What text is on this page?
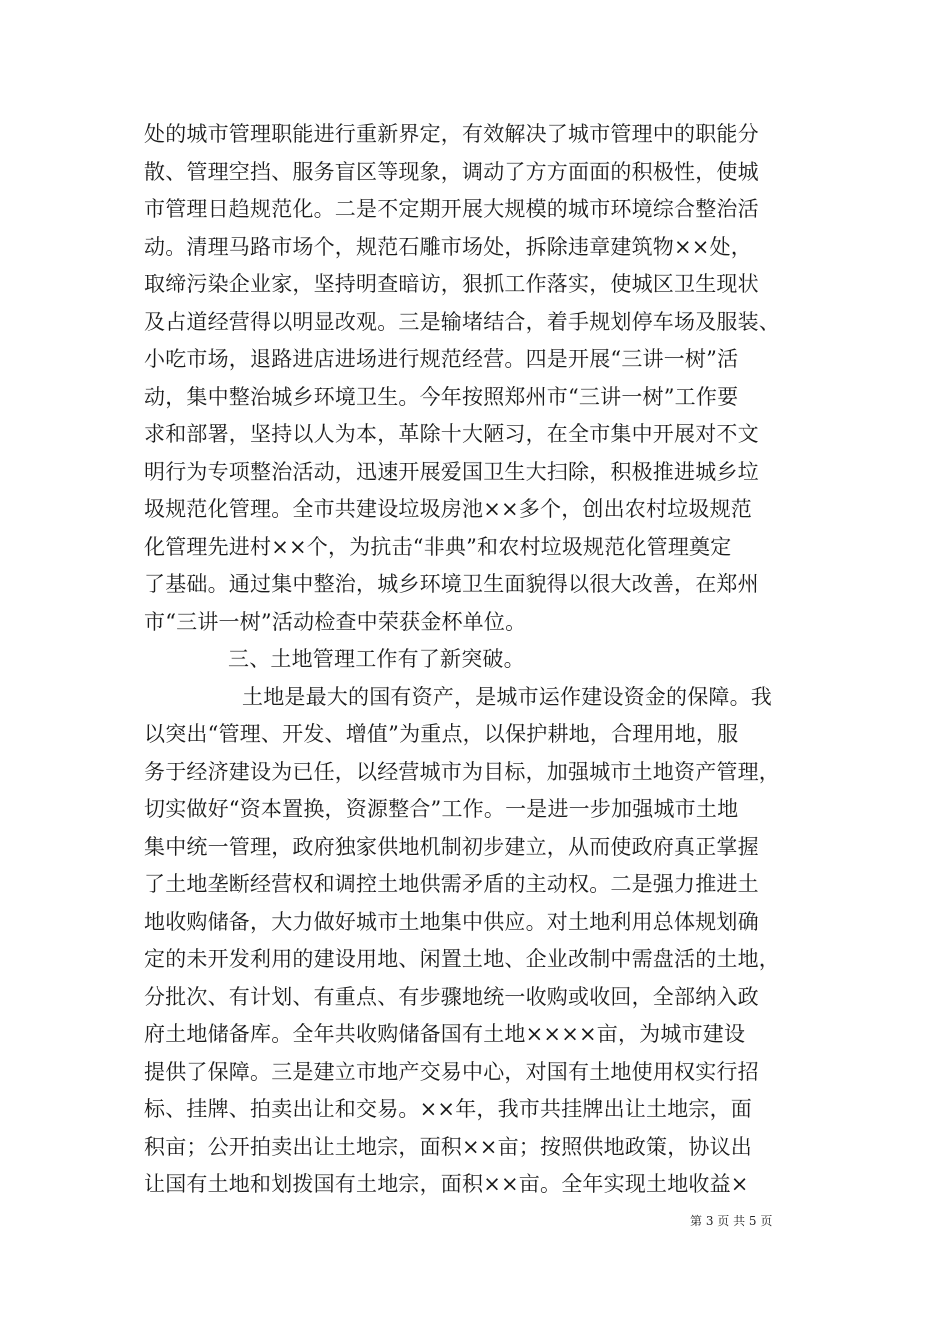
处的城市管理职能进行重新界定，有效解决了城市管理中的职能分
散、管理空挡、服务盲区等现象，调动了方方面面的积极性，使城
市管理日趋规范化。二是不定期开展大规模的城市环境综合整治活
动。清理马路市场个，规范石雕市场处，拆除违章建筑物××处，
取缔污染企业家，坚持明查暗访，狠抓工作落实，使城区卫生现状
及占道经营得以明显改观。三是输堵结合，着手规划停车场及服装、
小吃市场，退路进店进场进行规范经营。四是开展“三讲一树”活
动，集中整治城乡环境卫生。今年按照郑州市“三讲一树”工作要
求和部署，坚持以人为本，革除十大陋习，在全市集中开展对不文
明行为专项整治活动，迅速开展爱国卫生大扫除，积极推进城乡垃
圾规范化管理。全市共建设垃圾房池××多个，创出农村垃圾规范
化管理先进村××个，为抗击“非典”和农村垃圾规范化管理奠定
了基础。通过集中整治，城乡环境卫生面貌得以很大改善，在郑州
市“三讲一树”活动检查中荣获金杯单位。
三、土地管理工作有了新突破。
土地是最大的国有资产，是城市运作建设资金的保障。我
以突出“管理、开发、增值”为重点，以保护耕地，合理用地，服
务于经济建设为已任，以经营城市为目标，加强城市土地资产管理，
切实做好“资本置换，资源整合”工作。一是进一步加强城市土地
集中统一管理，政府独家供地机制初步建立，从而使政府真正掌握
了土地垄断经营权和调控土地供需矛盾的主动权。二是强力推进土
地收购储备，大力做好城市土地集中供应。对土地利用总体规划确
定的未开发利用的建设用地、闲置土地、企业改制中需盘活的土地，
分批次、有计划、有重点、有步骤地统一收购或收回，全部纳入政
府土地储备库。全年共收购储备国有土地××××亩，为城市建设
提供了保障。三是建立市地产交易中心，对国有土地使用权实行招
标、挂牌、拍卖出让和交易。××年，我市共挂牌出让土地宗，面
积亩；公开拍卖出让土地宗，面积××亩；按照供地政策，协议出
让国有土地和划拨国有土地宗，面积××亩。全年实现土地收益×
第 3 页 共 5 页
